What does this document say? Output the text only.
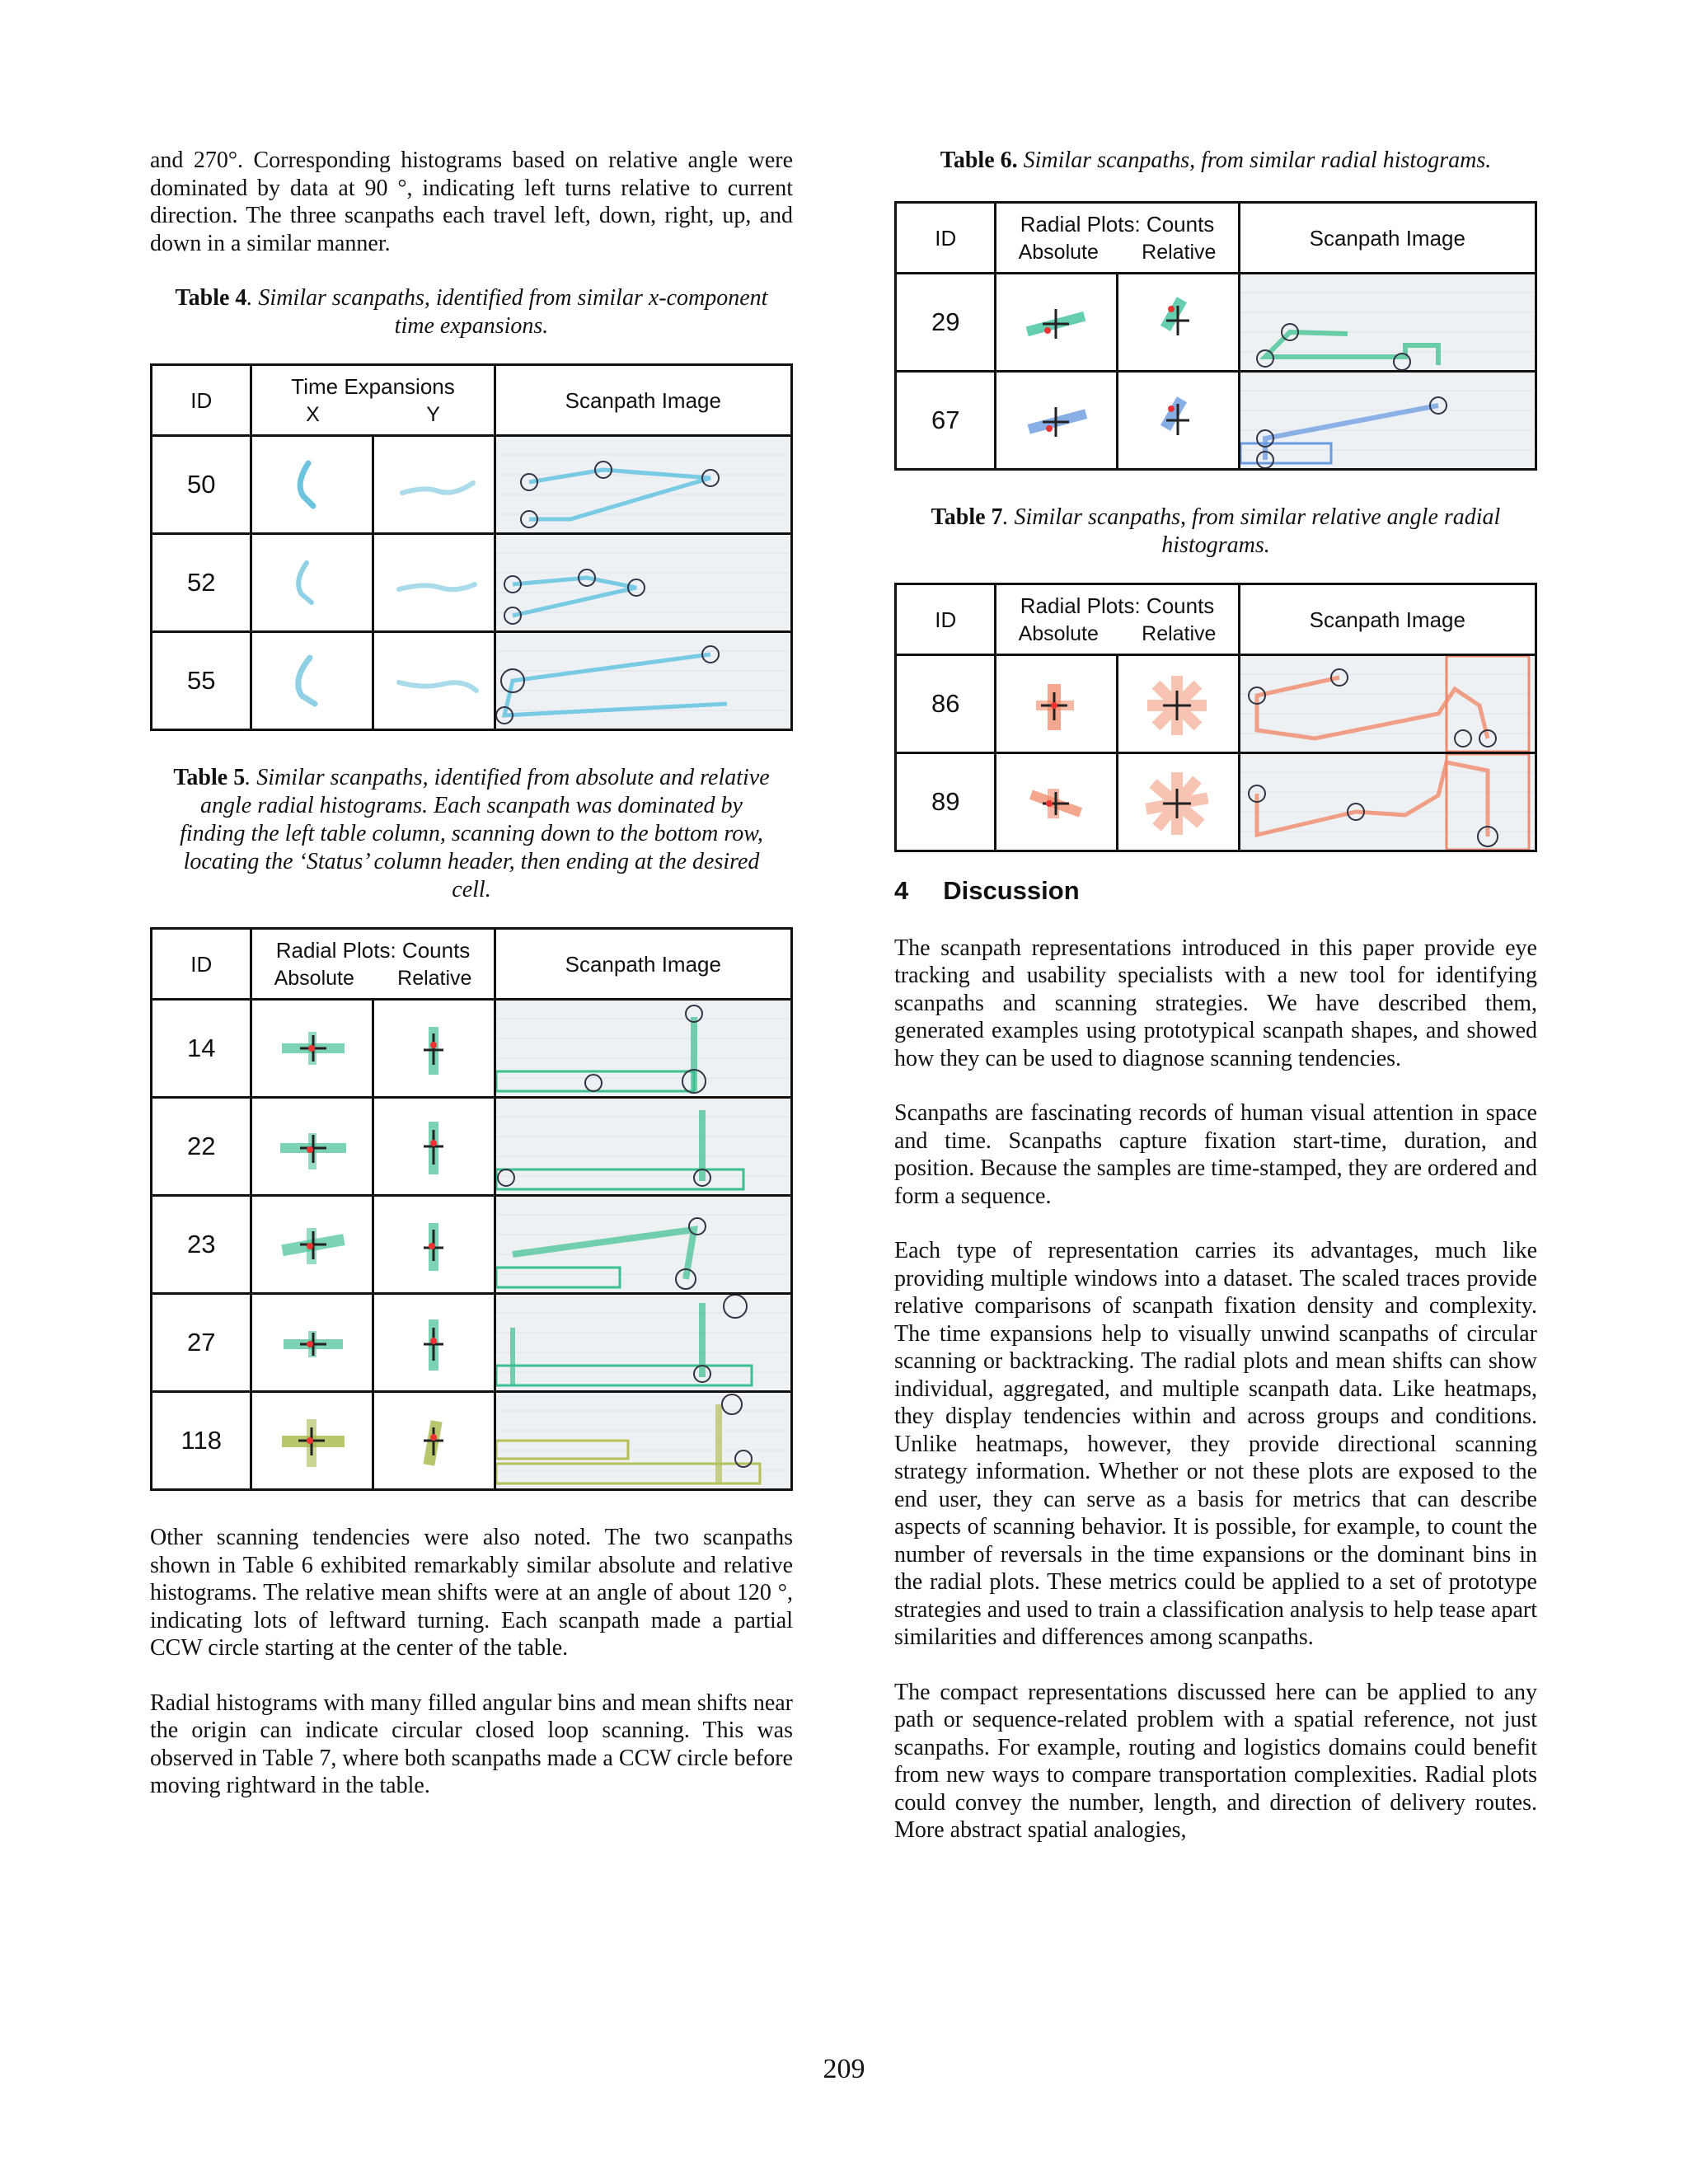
and 270°. Corresponding histograms based on relative angle were dominated by data at 90 °, indicating left turns relative to current direction. The three scanpaths each travel left, down, right, up, and down in a similar manner.

Table 4. Similar scanpaths, identified from similar x-component time expansions.
ID	Time Expansions
X Y		Scanpath Image
50	

52	

55	

Table 5. Similar scanpaths, identified from absolute and relative angle radial histograms. Each scanpath was dominated by finding the left table column, scanning down to the bottom row, locating the ‘Status’ column header, then ending at the desired cell.
ID	Radial Plots: Counts
Absolute Relative		Scanpath Image
14	

22	

23	

27	

118	

Other scanning tendencies were also noted. The two scanpaths shown in Table 6 exhibited remarkably similar absolute and relative histograms. The relative mean shifts were at an angle of about 120 °, indicating lots of leftward turning. Each scanpath made a partial CCW circle starting at the center of the table.

Radial histograms with many filled angular bins and mean shifts near the origin can indicate circular closed loop scanning. This was observed in Table 7, where both scanpaths made a CCW circle before moving rightward in the table.

Table 6. Similar scanpaths, from similar radial histograms.
ID	Radial Plots: Counts
Absolute Relative		Scanpath Image
29	

67	

Table 7. Similar scanpaths, from similar relative angle radial histograms.
ID	Radial Plots: Counts
Absolute Relative		Scanpath Image
86	

89	

4 Discussion

The scanpath representations introduced in this paper provide eye tracking and usability specialists with a new tool for identifying scanpaths and scanning strategies. We have described them, generated examples using prototypical scanpath shapes, and showed how they can be used to diagnose scanning tendencies.

Scanpaths are fascinating records of human visual attention in space and time. Scanpaths capture fixation start-time, duration, and position. Because the samples are time-stamped, they are ordered and form a sequence.

Each type of representation carries its advantages, much like providing multiple windows into a dataset. The scaled traces provide relative comparisons of scanpath fixation density and complexity. The time expansions help to visually unwind scanpaths of circular scanning or backtracking. The radial plots and mean shifts can show individual, aggregated, and multiple scanpath data. Like heatmaps, they display tendencies within and across groups and conditions. Unlike heatmaps, however, they provide directional scanning strategy information. Whether or not these plots are exposed to the end user, they can serve as a basis for metrics that can describe aspects of scanning behavior. It is possible, for example, to count the number of reversals in the time expansions or the dominant bins in the radial plots. These metrics could be applied to a set of prototype strategies and used to train a classification analysis to help tease apart similarities and differences among scanpaths.

The compact representations discussed here can be applied to any path or sequence-related problem with a spatial reference, not just scanpaths. For example, routing and logistics domains could benefit from new ways to compare transportation complexities. Radial plots could convey the number, length, and direction of delivery routes. More abstract spatial analogies,

209
